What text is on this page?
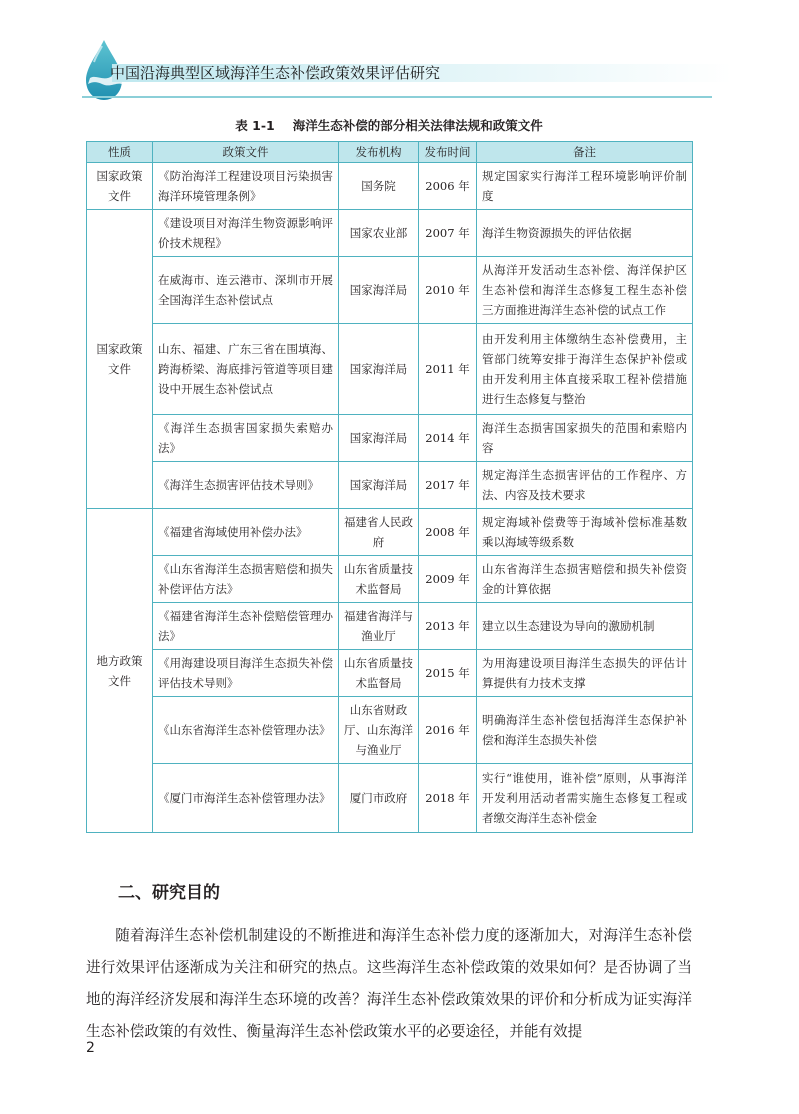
中国沿海典型区域海洋生态补偿政策效果评估研究
表 1-1 海洋生态补偿的部分相关法律法规和政策文件
性质	政策文件	发布机构	发布时间	备注
国家政策文件	《防治海洋工程建设项目污染损害海洋环境管理条例》	国务院	2006 年	规定国家实行海洋工程环境影响评价制度
国家政策文件	《建设项目对海洋生物资源影响评价技术规程》	国家农业部	2007 年	海洋生物资源损失的评估依据
	在威海市、连云港市、深圳市开展全国海洋生态补偿试点	国家海洋局	2010 年	从海洋开发活动生态补偿、海洋保护区生态补偿和海洋生态修复工程生态补偿三方面推进海洋生态补偿的试点工作
	山东、福建、广东三省在围填海、跨海桥梁、海底排污管道等项目建设中开展生态补偿试点	国家海洋局	2011 年	由开发利用主体缴纳生态补偿费用，主管部门统筹安排于海洋生态保护补偿或由开发利用主体直接采取工程补偿措施进行生态修复与整治
	《海洋生态损害国家损失索赔办法》	国家海洋局	2014 年	海洋生态损害国家损失的范围和索赔内容
	《海洋生态损害评估技术导则》	国家海洋局	2017 年	规定海洋生态损害评估的工作程序、方法、内容及技术要求
地方政策文件	《福建省海域使用补偿办法》	福建省人民政府	2008 年	规定海域补偿费等于海域补偿标准基数乘以海域等级系数
	《山东省海洋生态损害赔偿和损失补偿评估方法》	山东省质量技术监督局	2009 年	山东省海洋生态损害赔偿和损失补偿资金的计算依据
	《福建省海洋生态补偿赔偿管理办法》	福建省海洋与渔业厅	2013 年	建立以生态建设为导向的激励机制
	《用海建设项目海洋生态损失补偿评估技术导则》	山东省质量技术监督局	2015 年	为用海建设项目海洋生态损失的评估计算提供有力技术支撑
	《山东省海洋生态补偿管理办法》	山东省财政厅、山东海洋与渔业厅	2016 年	明确海洋生态补偿包括海洋生态保护补偿和海洋生态损失补偿
	《厦门市海洋生态补偿管理办法》	厦门市政府	2018 年	实行“谁使用，谁补偿”原则，从事海洋开发利用活动者需实施生态修复工程或者缴交海洋生态补偿金
二、研究目的

随着海洋生态补偿机制建设的不断推进和海洋生态补偿力度的逐渐加大，对海洋生态补偿进行效果评估逐渐成为关注和研究的热点。这些海洋生态补偿政策的效果如何？是否协调了当地的海洋经济发展和海洋生态环境的改善？海洋生态补偿政策效果的评价和分析成为证实海洋生态补偿政策的有效性、衡量海洋生态补偿政策水平的必要途径，并能有效提

2
